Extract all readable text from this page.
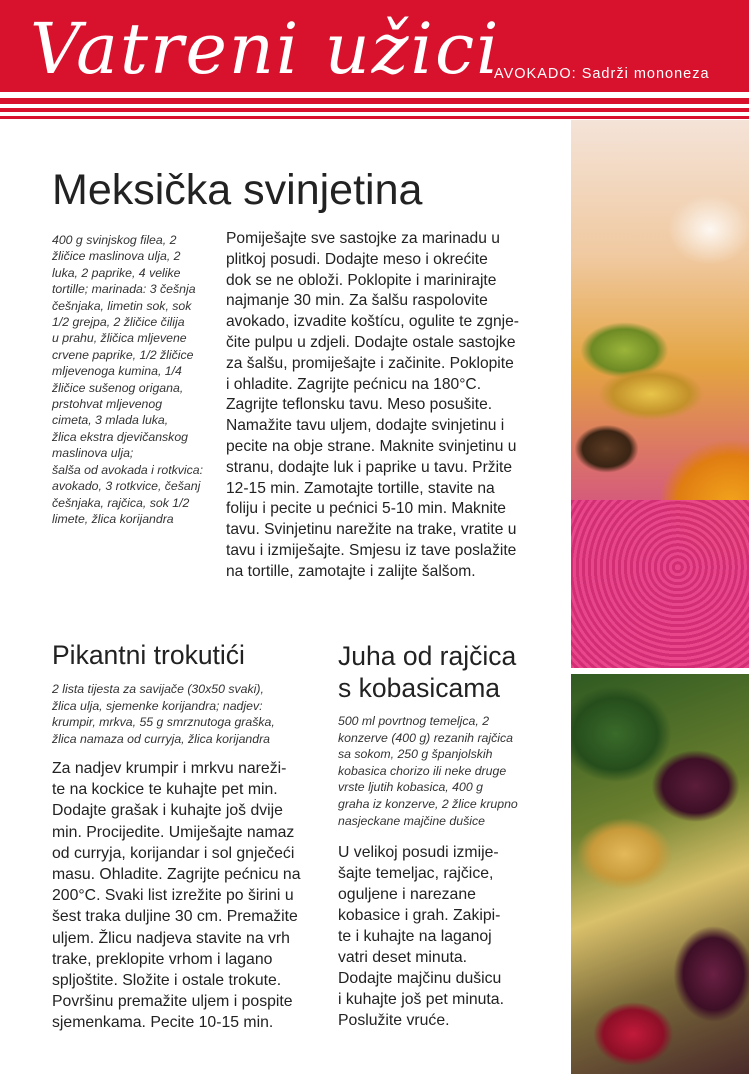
Vatreni užici
AVOKADO: Sadrži mononeza
Meksička svinjetina
400 g svinjskog filea, 2
žličice maslinova ulja, 2
luka, 2 paprike, 4 velike
tortille; marinada: 3 češnja
češnjaka, limetin sok, sok
1/2 grejpa, 2 žličice čilija
u prahu, žličica mljevene
crvene paprike, 1/2 žličice
mljevenoga kumina, 1/4
žličice sušenog origana,
prstohvat mljevenog
cimeta, 3 mlada luka,
žlica ekstra djevičanskog
maslinova ulja;
šalša od avokada i rotkvica:
avokado, 3 rotkvice, češanj
češnjaka, rajčica, sok 1/2
limete, žlica korijandra
Pomiješajte sve sastojke za marinadu u
plitkoj posudi. Dodajte meso i okrećite
dok se ne obloži. Poklopite i marinirajte
najmanje 30 min. Za šalšu raspolovite
avokado, izvadite koštícu, ogulite te zgnje-
čite pulpu u zdjeli. Dodajte ostale sastojke
za šalšu, promiješajte i začinite. Poklopite
i ohladite. Zagrijte pećnicu na 180°C.
Zagrijte teflonsku tavu. Meso posušite.
Namažite tavu uljem, dodajte svinjetinu i
pecite na obje strane. Maknite svinjetinu u
stranu, dodajte luk i paprike u tavu. Pržite
12-15 min. Zamotajte tortille, stavite na
foliju i pecite u pećnici 5-10 min. Maknite
tavu. Svinjetinu narežite na trake, vratite u
tavu i izmiješajte. Smjesu iz tave poslažite
na tortille, zamotajte i zalijte šalšom.
Pikantni trokutići
2 lista tijesta za savijače (30x50 svaki),
žlica ulja, sjemenke korijandra; nadjev:
krumpir, mrkva, 55 g smrznutoga graška,
žlica namaza od curryja, žlica korijandra
Za nadjev krumpir i mrkvu nareži-
te na kockice te kuhajte pet min.
Dodajte grašak i kuhajte još dvije
min. Procijedite. Umiješajte namaz
od curryja, korijandar i sol gnječeći
masu. Ohladite. Zagrijte pećnicu na
200°C. Svaki list izrežite po širini u
šest traka duljine 30 cm. Premažite
uljem. Žlicu nadjeva stavite na vrh
trake, preklopite vrhom i lagano
spljoštite. Složite i ostale trokute.
Površinu premažite uljem i pospite
sjemenkama. Pecite 10-15 min.
Juha od rajčica
s kobasicama
500 ml povrtnog temeljca, 2
konzerve (400 g) rezanih rajčica
sa sokom, 250 g španjolskih
kobasica chorizo ili neke druge
vrste ljutih kobasica, 400 g
graha iz konzerve, 2 žlice krupno
nasjeckane majčine dušice
U velikoj posudi izmije-
šajte temeljac, rajčice,
oguljene i narezane
kobasice i grah. Zakipi-
te i kuhajte na laganoj
vatri deset minuta.
Dodajte majčinu dušicu
i kuhajte još pet minuta.
Poslužite vruće.
